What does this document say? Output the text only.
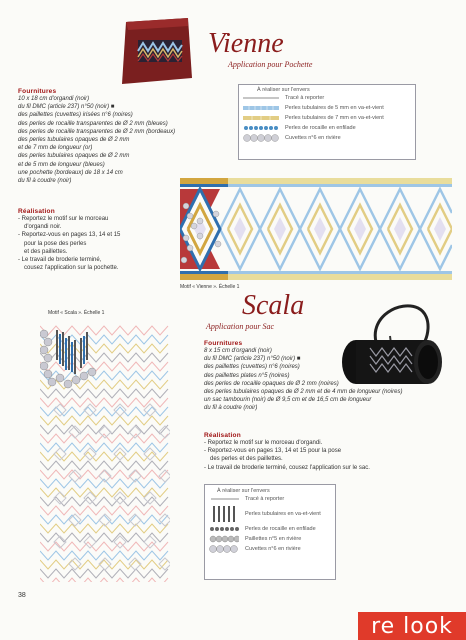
Vienne
Application pour Pochette
Fournitures
10 x 18 cm d'organdi (noir)
du fil DMC (article 237) n°50 (noir) ■
des paillettes (cuvettes) irisées n°6 (noires)
des perles de rocaille transparentes de Ø 2 mm (bleues)
des perles de rocaille transparentes de Ø 2 mm (bordeaux)
des perles tubulaires opaques de Ø 2 mm
et de 7 mm de longueur (or)
des perles tubulaires opaques de Ø 2 mm
et de 5 mm de longueur (bleues)
une pochette (bordeaux) de 18 x 14 cm
du fil à coudre (noir)
Réalisation
- Reportez le motif sur le morceau
d'organdi noir.
- Reportez-vous en pages 13, 14 et 15
pour la pose des perles
et des paillettes.
- Le travail de broderie terminé,
cousez l'application sur la pochette.
À réaliser sur l'envers
Tracé à reporter
Perles tubulaires de 5 mm en va-et-vient
Perles tubulaires de 7 mm en va-et-vient
Perles de rocaille en enfilade
Cuvettes n°6 en rivière
Motif « Vienne ». Échelle 1
Motif « Scala ». Échelle 1	Scala
Application pour Sac
Fournitures
8 x 15 cm d'organdi (noir)
du fil DMC (article 237) n°50 (noir) ■
des paillettes (cuvettes) n°6 (noires)
des paillettes plates n°5 (noires)
des perles de rocaille opaques de Ø 2 mm (noires)
des perles tubulaires opaques de Ø 2 mm et de 4 mm de longueur (noires)
un sac tambourin (noir) de Ø 9,5 cm et de 16,5 cm de longueur
du fil à coudre (noir)
Réalisation
- Reportez le motif sur le morceau d'organdi.
- Reportez-vous en pages 13, 14 et 15 pour la pose
des perles et des paillettes.
- Le travail de broderie terminé, cousez l'application sur le sac.
À réaliser sur l'envers
Tracé à reporter
Perles tubulaires en va-et-vient
Perles de rocaille en enfilade
Paillettes n°5 en rivière
Cuvettes n°6 en rivière
38
re look
